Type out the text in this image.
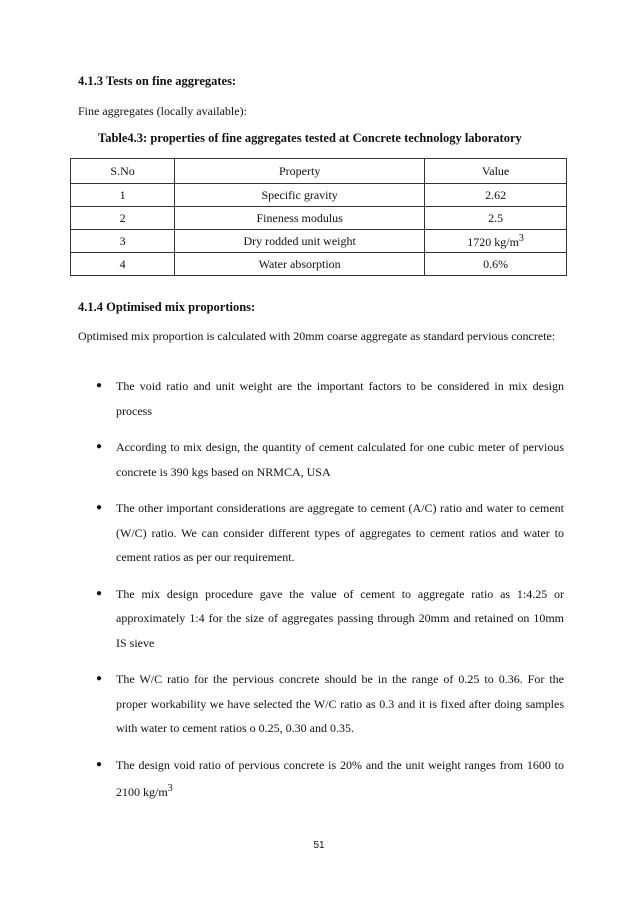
4.1.3 Tests on fine aggregates:
Fine aggregates (locally available):
Table4.3: properties of fine aggregates tested at Concrete technology laboratory
S.No	Property	Value
1	Specific gravity	2.62
2	Fineness modulus	2.5
3	Dry rodded unit weight	1720 $kg/m^3$
4	Water absorption	0.6%
4.1.4 Optimised mix proportions:
Optimised mix proportion is calculated with 20mm coarse aggregate as standard pervious concrete:
● The void ratio and unit weight are the important factors to be considered in mix design process
● According to mix design, the quantity of cement calculated for one cubic meter of pervious concrete is 390 kgs based on NRMCA, USA
● The other important considerations are aggregate to cement (A/C) ratio and water to cement (W/C) ratio. We can consider different types of aggregates to cement ratios and water to cement ratios as per our requirement.
● The mix design procedure gave the value of cement to aggregate ratio as 1:4.25 or approximately 1:4 for the size of aggregates passing through 20mm and retained on 10mm IS sieve
● The W/C ratio for the pervious concrete should be in the range of 0.25 to 0.36. For the proper workability we have selected the W/C ratio as 0.3 and it is fixed after doing samples with water to cement ratios o 0.25, 0.30 and 0.35.
● The design void ratio of pervious concrete is 20% and the unit weight ranges from 1600 to 2100 $kg/m^3$
51
